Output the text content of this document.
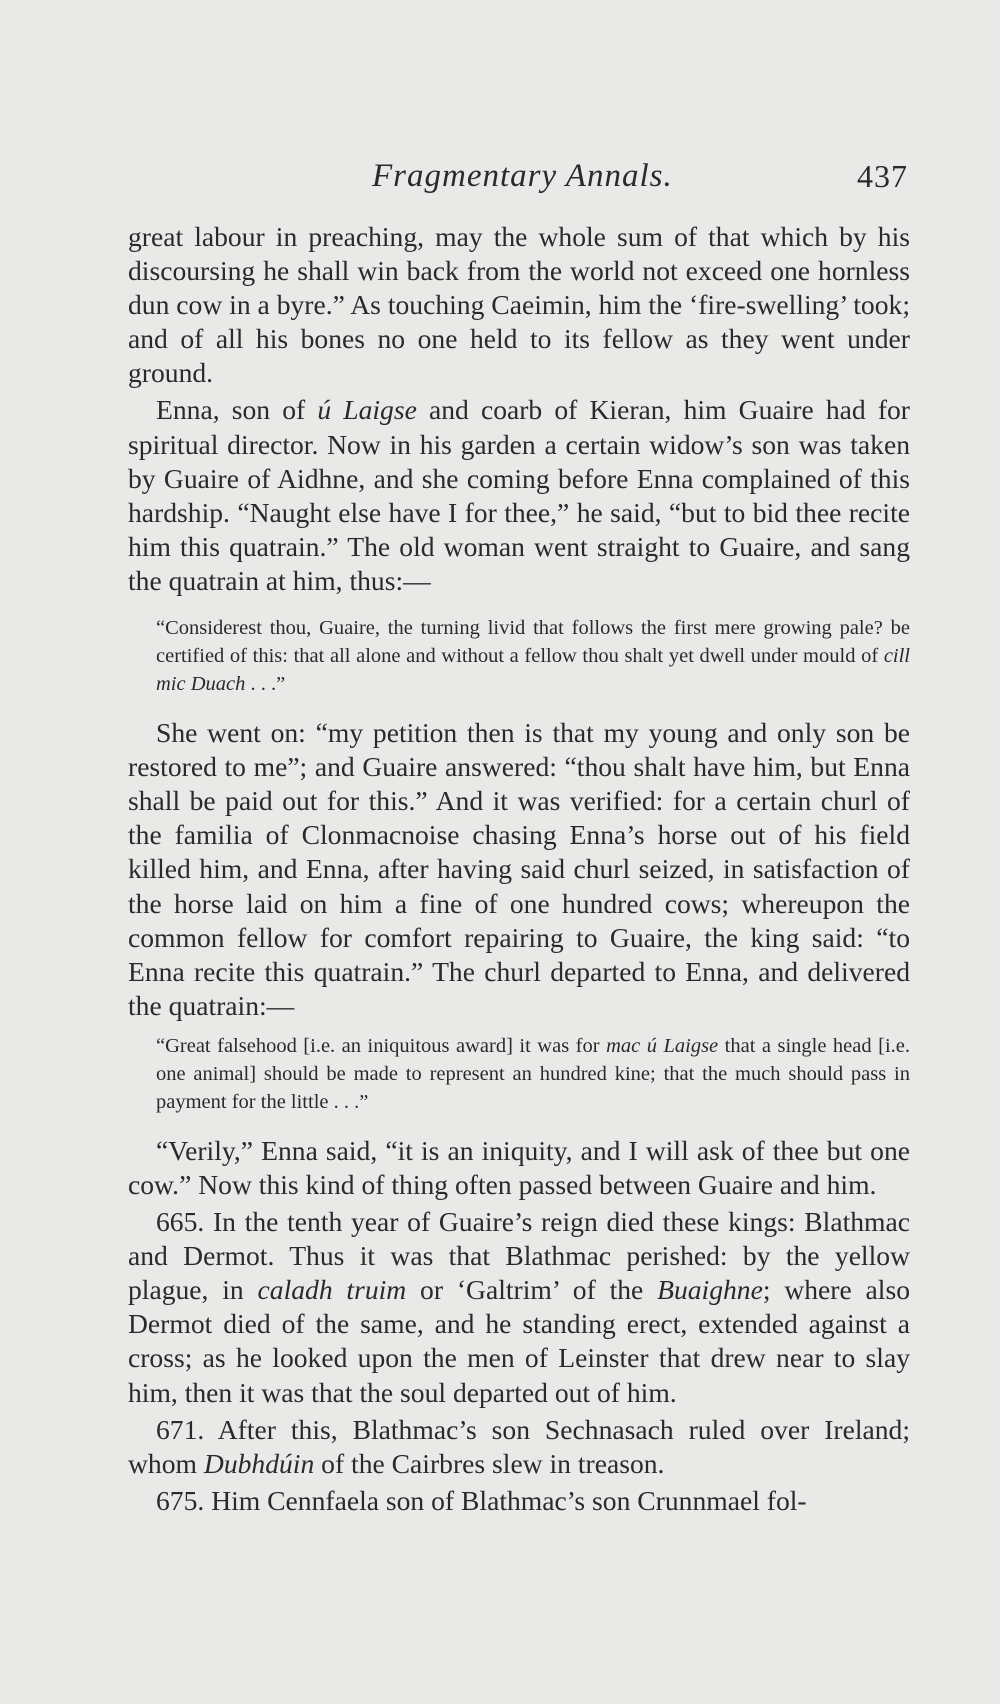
Fragmentary Annals.	437

great labour in preaching, may the whole sum of that which by his discoursing he shall win back from the world not exceed one hornless dun cow in a byre.” As touching Caeimin, him the ‘fire-swelling’ took; and of all his bones no one held to its fellow as they went under ground.

Enna, son of ú Laigse and coarb of Kieran, him Guaire had for spiritual director. Now in his garden a certain widow’s son was taken by Guaire of Aidhne, and she coming before Enna complained of this hardship. “Naught else have I for thee,” he said, “but to bid thee recite him this quatrain.” The old woman went straight to Guaire, and sang the quatrain at him, thus:—

“Considerest thou, Guaire, the turning livid that follows the first mere growing pale? be certified of this: that all alone and without a fellow thou shalt yet dwell under mould of cill mic Duach . . .”

She went on: “my petition then is that my young and only son be restored to me”; and Guaire answered: “thou shalt have him, but Enna shall be paid out for this.” And it was verified: for a certain churl of the familia of Clonmacnoise chasing Enna’s horse out of his field killed him, and Enna, after having said churl seized, in satisfaction of the horse laid on him a fine of one hundred cows; whereupon the common fellow for comfort repairing to Guaire, the king said: “to Enna recite this quatrain.” The churl departed to Enna, and delivered the quatrain:—

“Great falsehood [i.e. an iniquitous award] it was for mac ú Laigse that a single head [i.e. one animal] should be made to represent an hundred kine; that the much should pass in payment for the little . . .”

“Verily,” Enna said, “it is an iniquity, and I will ask of thee but one cow.” Now this kind of thing often passed between Guaire and him.

665. In the tenth year of Guaire’s reign died these kings: Blathmac and Dermot. Thus it was that Blathmac perished: by the yellow plague, in caladh truim or ‘Galtrim’ of the Buaighne; where also Dermot died of the same, and he standing erect, extended against a cross; as he looked upon the men of Leinster that drew near to slay him, then it was that the soul departed out of him.

671. After this, Blathmac’s son Sechnasach ruled over Ireland; whom Dubhdúin of the Cairbres slew in treason.

675. Him Cennfaela son of Blathmac’s son Crunnmael fol-
